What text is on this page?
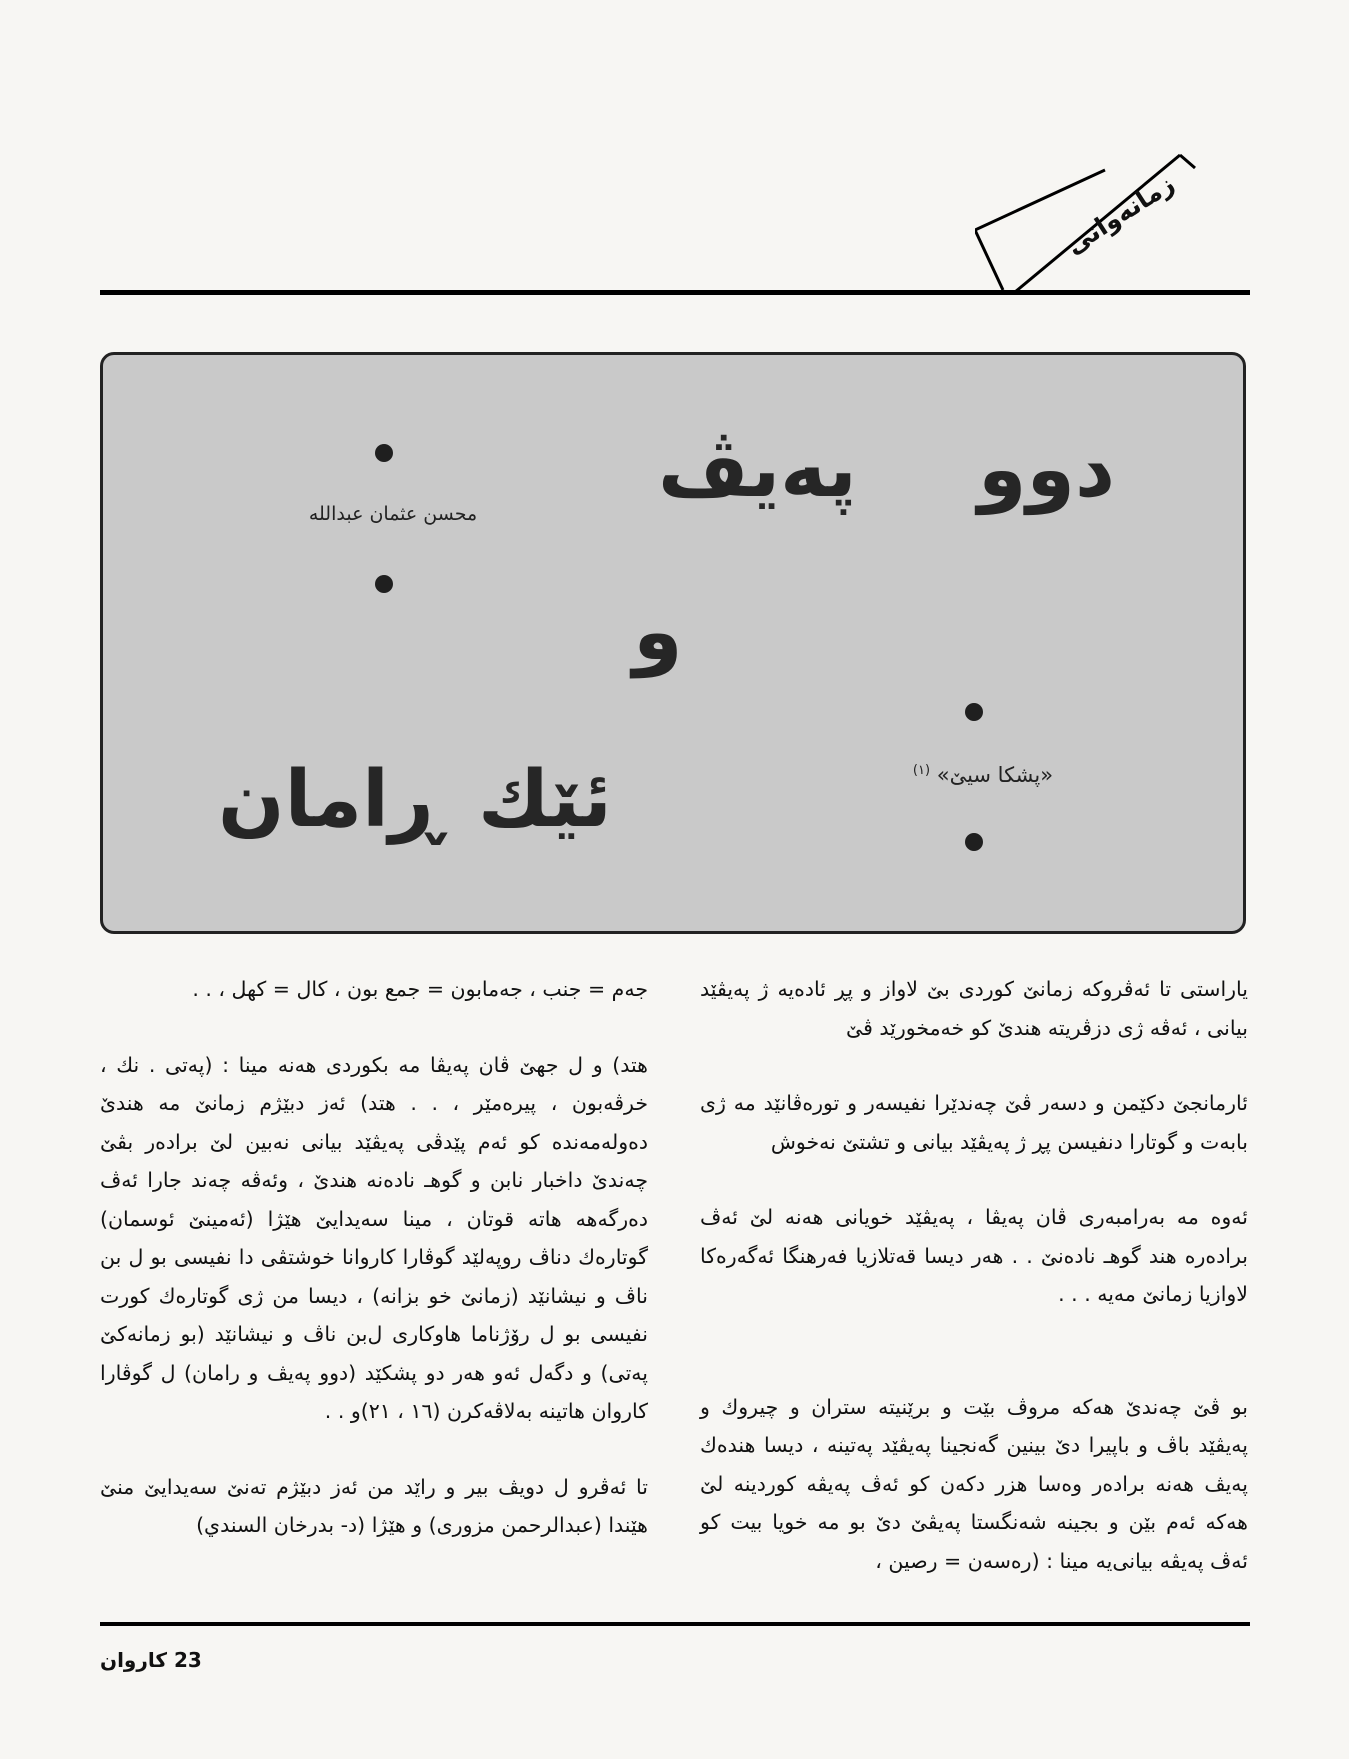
زمانەوانی
دوو
پەیڤ
و
ئێك
ڕامان
محسن عثمان عبدالله
«پشکا سیێ» $^{(١)}$

یاراستی تا ئەڤروکە زمانێ کوردی بێ لاواز و پڕ ئادەیە ژ پەیڤێد بیانی ، ئەڤە ژی دزڤریتە هندێ کو خەمخورێد ڤێ

ئارمانجێ دکێمن و دسەر ڤێ چەندێرا نفیسەر و تورەڤانێد مە ژی بابەت و گوتارا دنفیسن پڕ ژ پەیڤێد بیانی و تشتێ نەخوش

ئەوە مە بەرامبەری ڤان پەیڤا ، پەیڤێد خویانی هەنە لێ ئەڤ برادەرە هند گوهـ نادەنێ . . هەر دیسا قەتلازیا فەرهنگا ئەگەرەکا لاوازیا زمانێ مەیە . . .

بو ڤێ چەندێ هەکە مروڤ بێت و برێنیتە ستران و چیروك و پەیڤێد باڤ و باپیرا دێ بینین گەنجینا پەیڤێد پەتینە ، دیسا هندەك پەیڤ هەنە برادەر وەسا هزر دکەن کو ئەڤ پەیڤە کوردینە لێ هەکە ئەم بێن و بجینە شەنگستا پەیڤێ دێ بو مە خویا بیت کو ئەڤ پەیڤە بیانی‌یە مینا : (رەسەن = رصین ،

جەم = جنب ، جەمابون = جمع بون ، کال = کهل ، . .

هتد) و ل جهێ ڤان پەیڤا مە بکوردی هەنە مینا : (پەتی . نك ، خرڤەبون ، پیرەمێر ، . . هتد) ئەز دبێژم زمانێ مە هندێ دەولەمەندە کو ئەم پێدڤی پەیڤێد بیانی نەبین لێ برادەر بڤێ چەندێ داخبار نابن و گوهـ نادەنە هندێ ، وئەڤە چەند جارا ئەڤ دەرگەهە هاتە قوتان ، مینا سەیدایێ هێژا (ئەمینێ ئوسمان) گوتارەك دناڤ روپەلێد گوڤارا کاروانا خوشتڤی دا نفیسی بو ل بن ناڤ و نیشانێد (زمانێ خو بزانە) ، دیسا من ژی گوتارەك کورت نفیسی بو ل رۆژناما هاوکاری ل‌بن ناڤ و نیشانێد (بو زمانەکێ پەتی) و دگەل ئەو هەر دو پشکێد (دوو پەیڤ و رامان) ل گوڤارا کاروان هاتینە بەلاڤەکرن (١٦ ، ٢١)و . .

تا ئەڤرو ل دویڤ بیر و راێد من ئەز دبێژم تەنێ سەیدایێ منێ هێندا (عبدالرحمن مزوری) و هێژا (د- بدرخان السندي)

23 کاروان
